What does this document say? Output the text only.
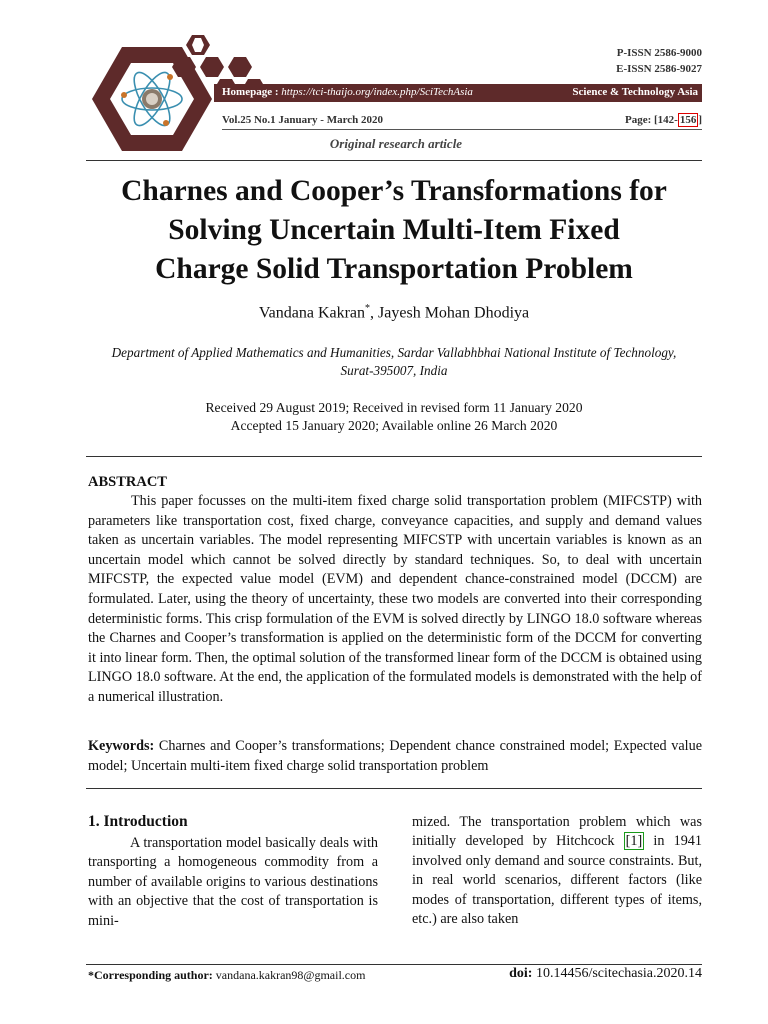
P-ISSN 2586-9000
E-ISSN 2586-9027
Homepage : https://tci-thaijo.org/index.php/SciTechAsia	Science & Technology Asia
Vol.25 No.1 January - March 2020	Page: [142- 156 ]
Original research article
Charnes and Cooper’s Transformations for
Solving Uncertain Multi-Item Fixed
Charge Solid Transportation Problem
Vandana Kakran*, Jayesh Mohan Dhodiya
Department of Applied Mathematics and Humanities, Sardar Vallabhbhai National Institute of Technology, Surat-395007, India
Received 29 August 2019; Received in revised form 11 January 2020
Accepted 15 January 2020; Available online 26 March 2020
ABSTRACT
This paper focusses on the multi-item fixed charge solid transportation problem (MIFCSTP) with parameters like transportation cost, fixed charge, conveyance capacities, and supply and demand values taken as uncertain variables. The model representing MIFCSTP with uncertain variables is known as an uncertain model which cannot be solved directly by standard techniques. So, to deal with uncertain MIFCSTP, the expected value model (EVM) and dependent chance-constrained model (DCCM) are formulated. Later, using the theory of uncertainty, these two models are converted into their corresponding deterministic forms. This crisp formulation of the EVM is solved directly by LINGO 18.0 software whereas the Charnes and Cooper’s transformation is applied on the deterministic form of the DCCM for converting it into linear form. Then, the optimal solution of the transformed linear form of the DCCM is obtained using LINGO 18.0 software. At the end, the application of the formulated models is demonstrated with the help of a numerical illustration.
Keywords: Charnes and Cooper’s transformations; Dependent chance constrained model; Expected value model; Uncertain multi-item fixed charge solid transportation problem
1. Introduction
A transportation model basically deals with transporting a homogeneous commodity from a number of available origins to various destinations with an objective that the cost of transportation is mini-
mized. The transportation problem which was initially developed by Hitchcock [1] in 1941 involved only demand and source constraints. But, in real world scenarios, different factors (like modes of transportation, different types of items, etc.) are also taken
*Corresponding author: vandana.kakran98@gmail.com	doi: 10.14456/scitechasia.2020.14
